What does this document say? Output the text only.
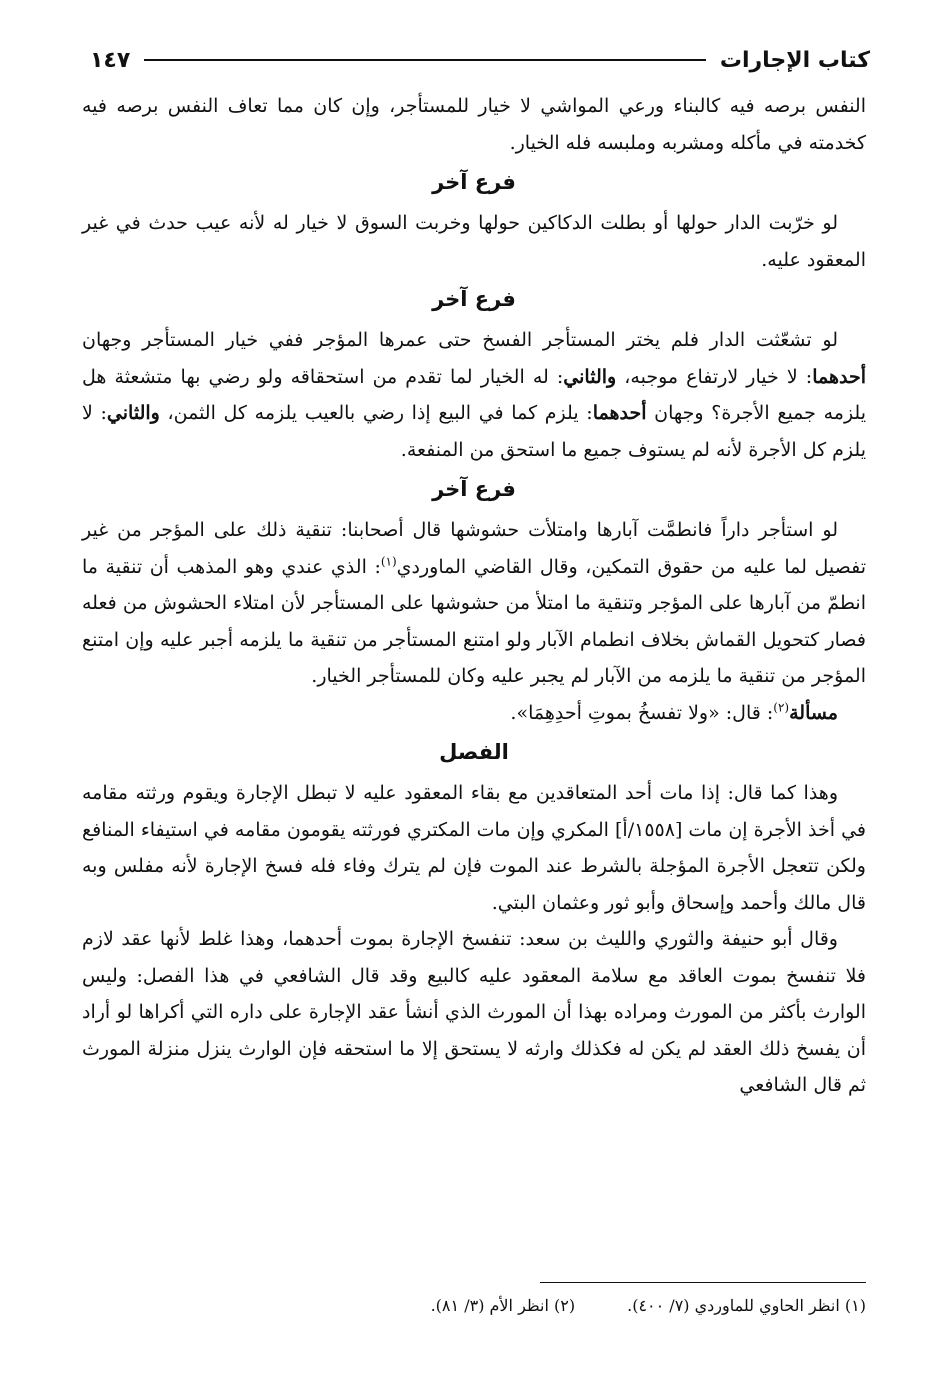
كتاب الإجارات
١٤٧

النفس برصه فيه كالبناء ورعي المواشي لا خيار للمستأجر، وإن كان مما تعاف النفس برصه فيه كخدمته في مأكله ومشربه وملبسه فله الخيار.

فرع آخر

لو خرّبت الدار حولها أو بطلت الدكاكين حولها وخربت السوق لا خيار له لأنه عيب حدث في غير المعقود عليه.

فرع آخر

لو تشعّثت الدار فلم يختر المستأجر الفسخ حتى عمرها المؤجر ففي خيار المستأجر وجهان أحدهما: لا خيار لارتفاع موجبه، والثاني: له الخيار لما تقدم من استحقاقه ولو رضي بها متشعثة هل يلزمه جميع الأجرة؟ وجهان أحدهما: يلزم كما في البيع إذا رضي بالعيب يلزمه كل الثمن، والثاني: لا يلزم كل الأجرة لأنه لم يستوف جميع ما استحق من المنفعة.

فرع آخر

لو استأجر داراً فانطمَّت آبارها وامتلأت حشوشها قال أصحابنا: تنقية ذلك على المؤجر من غير تفصيل لما عليه من حقوق التمكين، وقال القاضي الماوردي$^{(١)}$: الذي عندي وهو المذهب أن تنقية ما انطمّ من آبارها على المؤجر وتنقية ما امتلأ من حشوشها على المستأجر لأن امتلاء الحشوش من فعله فصار كتحويل القماش بخلاف انطمام الآبار ولو امتنع المستأجر من تنقية ما يلزمه أجبر عليه وإن امتنع المؤجر من تنقية ما يلزمه من الآبار لم يجبر عليه وكان للمستأجر الخيار.

مسألة$^{(٢)}$: قال: «ولا تفسخُ بموتِ أحدِهِمَا».

الفصل

وهذا كما قال: إذا مات أحد المتعاقدين مع بقاء المعقود عليه لا تبطل الإجارة ويقوم ورثته مقامه في أخذ الأجرة إن مات [١٥٥٨/أ] المكري وإن مات المكتري فورثته يقومون مقامه في استيفاء المنافع ولكن تتعجل الأجرة المؤجلة بالشرط عند الموت فإن لم يترك وفاء فله فسخ الإجارة لأنه مفلس وبه قال مالك وأحمد وإسحاق وأبو ثور وعثمان البتي.

وقال أبو حنيفة والثوري والليث بن سعد: تنفسخ الإجارة بموت أحدهما، وهذا غلط لأنها عقد لازم فلا تنفسخ بموت العاقد مع سلامة المعقود عليه كالبيع وقد قال الشافعي في هذا الفصل: وليس الوارث بأكثر من المورث ومراده بهذا أن المورث الذي أنشأ عقد الإجارة على داره التي أكراها لو أراد أن يفسخ ذلك العقد لم يكن له فكذلك وارثه لا يستحق إلا ما استحقه فإن الوارث ينزل منزلة المورث ثم قال الشافعي

(١) انظر الحاوي للماوردي (٧/ ٤٠٠).
(٢) انظر الأم (٣/ ٨١).
